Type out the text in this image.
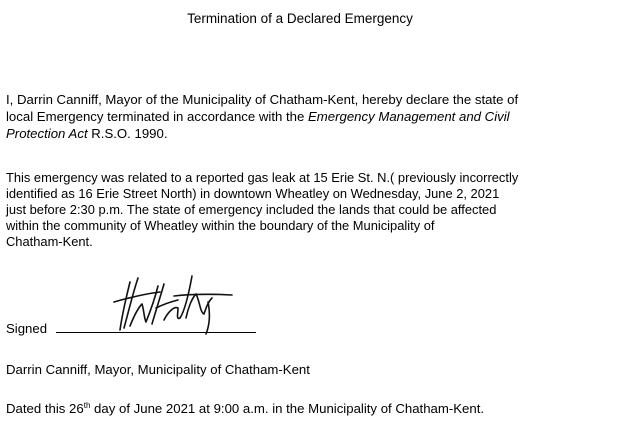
Termination of a Declared Emergency

I, Darrin Canniff, Mayor of the Municipality of Chatham-Kent, hereby declare the state of
local Emergency terminated in accordance with the Emergency Management and Civil
Protection Act R.S.O. 1990.

This emergency was related to a reported gas leak at 15 Erie St. N.( previously incorrectly
identified as 16 Erie Street North) in downtown Wheatley on Wednesday, June 2, 2021
just before 2:30 p.m. The state of emergency included the lands that could be affected
within the community of Wheatley within the boundary of the Municipality of
Chatham-Kent.

Signed
Darrin Canniff, Mayor, Municipality of Chatham-Kent
Dated this 26th day of June 2021 at 9:00 a.m. in the Municipality of Chatham-Kent.
